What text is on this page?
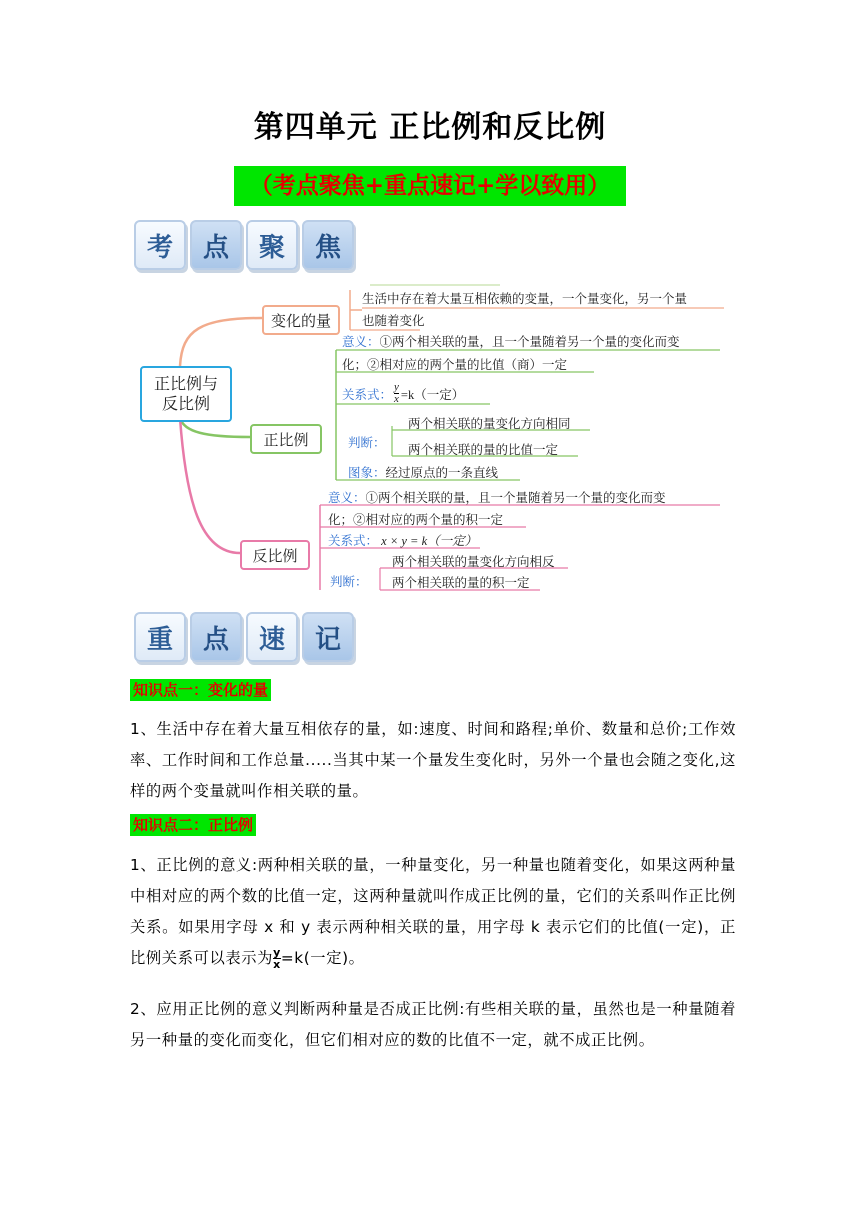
第四单元 正比例和反比例
（考点聚焦+重点速记+学以致用）
考	点	聚	焦
正比例与
反比例
变化的量
生活中存在着大量互相依赖的变量，一个量变化，另一个量
也随着变化
正比例
意义：①两个相关联的量，且一个量随着另一个量的变化而变
化；②相对应的两个量的比值（商）一定
关系式： $\frac{y}{x} =k$（一定）
判断：
两个相关联的量变化方向相同
两个相关联的量的比值一定
图象：经过原点的一条直线
反比例
意义：①两个相关联的量，且一个量随着另一个量的变化而变
化；②相对应的两个量的积一定
关系式： x × y = k（一定）
判断：
两个相关联的量变化方向相反
两个相关联的量的积一定
重	点	速	记
知识点一：变化的量
1、生活中存在着大量互相依存的量，如:速度、时间和路程;单价、数量和总价;工作效率、工作时间和工作总量.....当其中某一个量发生变化时，另外一个量也会随之变化,这样的两个变量就叫作相关联的量。
知识点二：正比例
1、正比例的意义:两种相关联的量，一种量变化，另一种量也随着变化，如果这两种量中相对应的两个数的比值一定，这两种量就叫作成正比例的量，它们的关系叫作正比例关系。如果用字母 x 和 y 表示两种相关联的量，用字母 k 表示它们的比值(一定)，正比例关系可以表示为 $\frac{y}{x} =k$(一定)。
2、应用正比例的意义判断两种量是否成正比例:有些相关联的量，虽然也是一种量随着另一种量的变化而变化，但它们相对应的数的比值不一定，就不成正比例。
